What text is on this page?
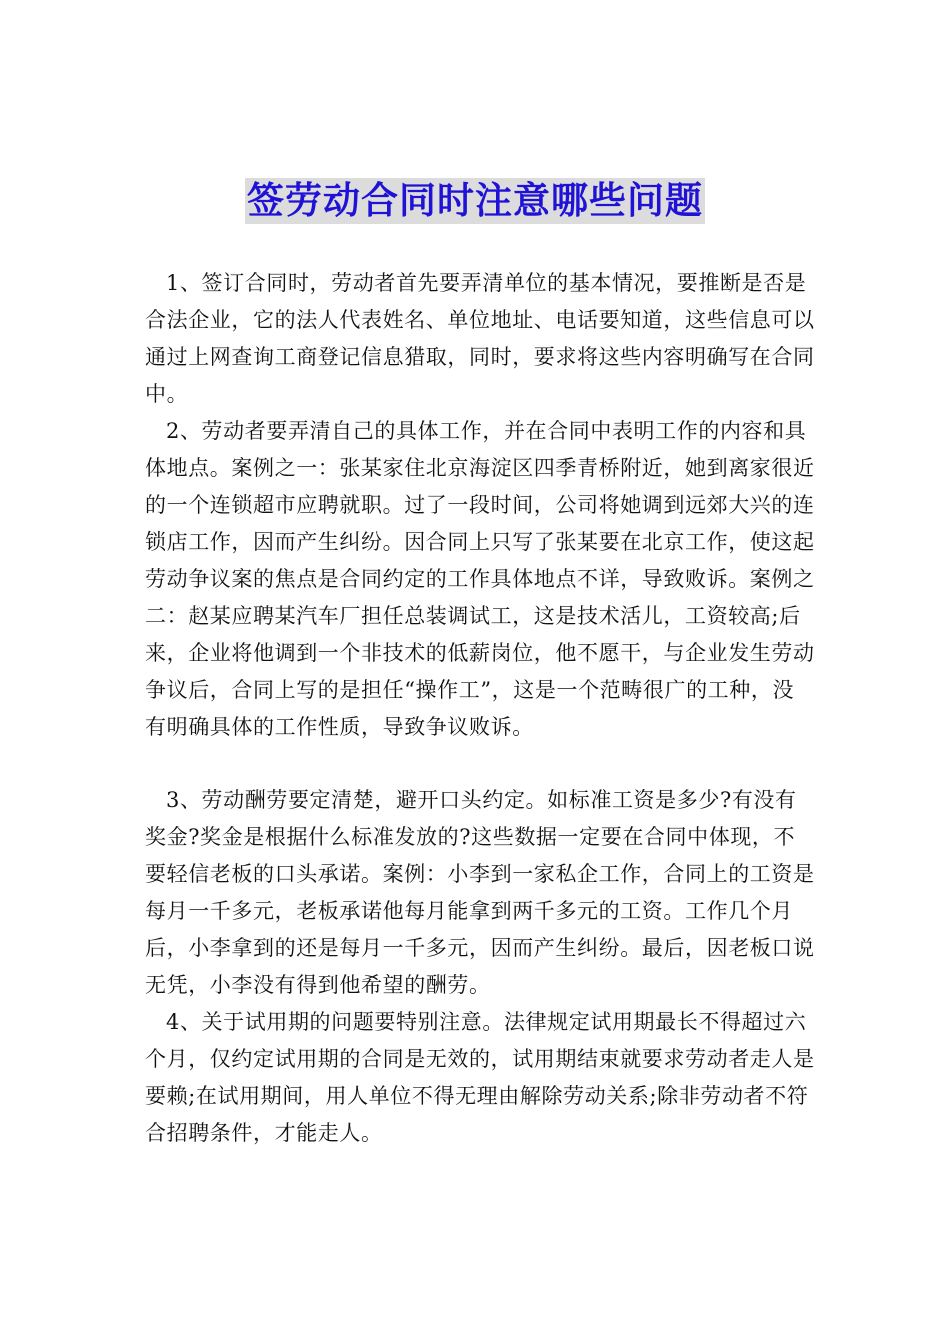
签劳动合同时注意哪些问题

1、签订合同时，劳动者首先要弄清单位的基本情况，要推断是否是合法企业，它的法人代表姓名、单位地址、电话要知道，这些信息可以通过上网查询工商登记信息猎取，同时，要求将这些内容明确写在合同中。

2、劳动者要弄清自己的具体工作，并在合同中表明工作的内容和具体地点。案例之一：张某家住北京海淀区四季青桥附近，她到离家很近的一个连锁超市应聘就职。过了一段时间，公司将她调到远郊大兴的连锁店工作，因而产生纠纷。因合同上只写了张某要在北京工作，使这起劳动争议案的焦点是合同约定的工作具体地点不详，导致败诉。案例之二：赵某应聘某汽车厂担任总装调试工，这是技术活儿，工资较高;后来，企业将他调到一个非技术的低薪岗位，他不愿干，与企业发生劳动争议后，合同上写的是担任“操作工”，这是一个范畴很广的工种，没有明确具体的工作性质，导致争议败诉。

3、劳动酬劳要定清楚，避开口头约定。如标准工资是多少?有没有奖金?奖金是根据什么标准发放的?这些数据一定要在合同中体现，不要轻信老板的口头承诺。案例：小李到一家私企工作，合同上的工资是每月一千多元，老板承诺他每月能拿到两千多元的工资。工作几个月后，小李拿到的还是每月一千多元，因而产生纠纷。最后，因老板口说无凭，小李没有得到他希望的酬劳。

4、关于试用期的问题要特别注意。法律规定试用期最长不得超过六个月，仅约定试用期的合同是无效的，试用期结束就要求劳动者走人是要赖;在试用期间，用人单位不得无理由解除劳动关系;除非劳动者不符合招聘条件，才能走人。
